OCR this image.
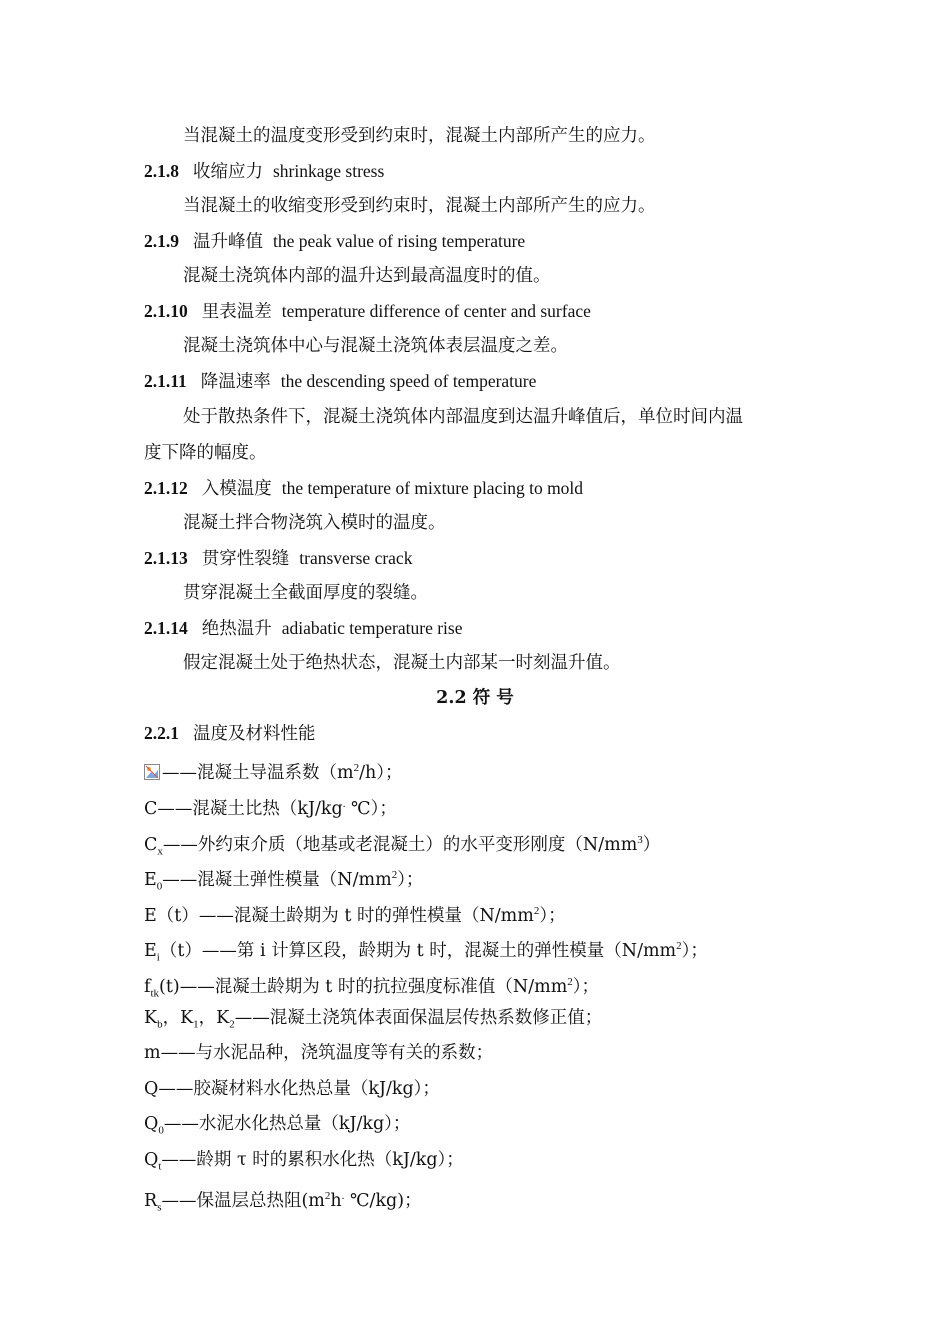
当混凝土的温度变形受到约束时，混凝土内部所产生的应力。
2.1.8 收缩应力 shrinkage stress
当混凝土的收缩变形受到约束时，混凝土内部所产生的应力。
2.1.9 温升峰值 the peak value of rising temperature
混凝土浇筑体内部的温升达到最高温度时的值。
2.1.10 里表温差 temperature difference of center and surface
混凝土浇筑体中心与混凝土浇筑体表层温度之差。
2.1.11 降温速率 the descending speed of temperature
处于散热条件下，混凝土浇筑体内部温度到达温升峰值后，单位时间内温
度下降的幅度。
2.1.12 入模温度 the temperature of mixture placing to mold
混凝土拌合物浇筑入模时的温度。
2.1.13 贯穿性裂缝 transverse crack
贯穿混凝土全截面厚度的裂缝。
2.1.14 绝热温升 adiabatic temperature rise
假定混凝土处于绝热状态，混凝土内部某一时刻温升值。
2.2 符 号
2.2.1 温度及材料性能
——混凝土导温系数$(m^2/h)$；
C——混凝土比热（kJ/kg. ℃）；
$C_x——$外约束介质（地基或老混凝土）的水平变形刚度$(N/mm^3)$
$E_0——$混凝土弹性模量$(N/mm^2)$；
E（t）——混凝土龄期为 t 时的弹性模量$(N/mm^2)$；
$E_i(t)——$第 i 计算区段，龄期为 t 时，混凝土的弹性模量$(N/mm^2)$；
$f_{tk}(t)——$混凝土龄期为 t 时的抗拉强度标准值$(N/mm^2)$；
$K_b$，$K_1$，$K_2——$混凝土浇筑体表面保温层传热系数修正值；
m——与水泥品种，浇筑温度等有关的系数；
Q——胶凝材料水化热总量（kJ/kg）；
$Q_0——$水泥水化热总量（kJ/kg）；
$Q_t——$龄期 τ 时的累积水化热（kJ/kg）；
$R_s——$保温层总热阻($m^2h^.$ ℃/kg)；
